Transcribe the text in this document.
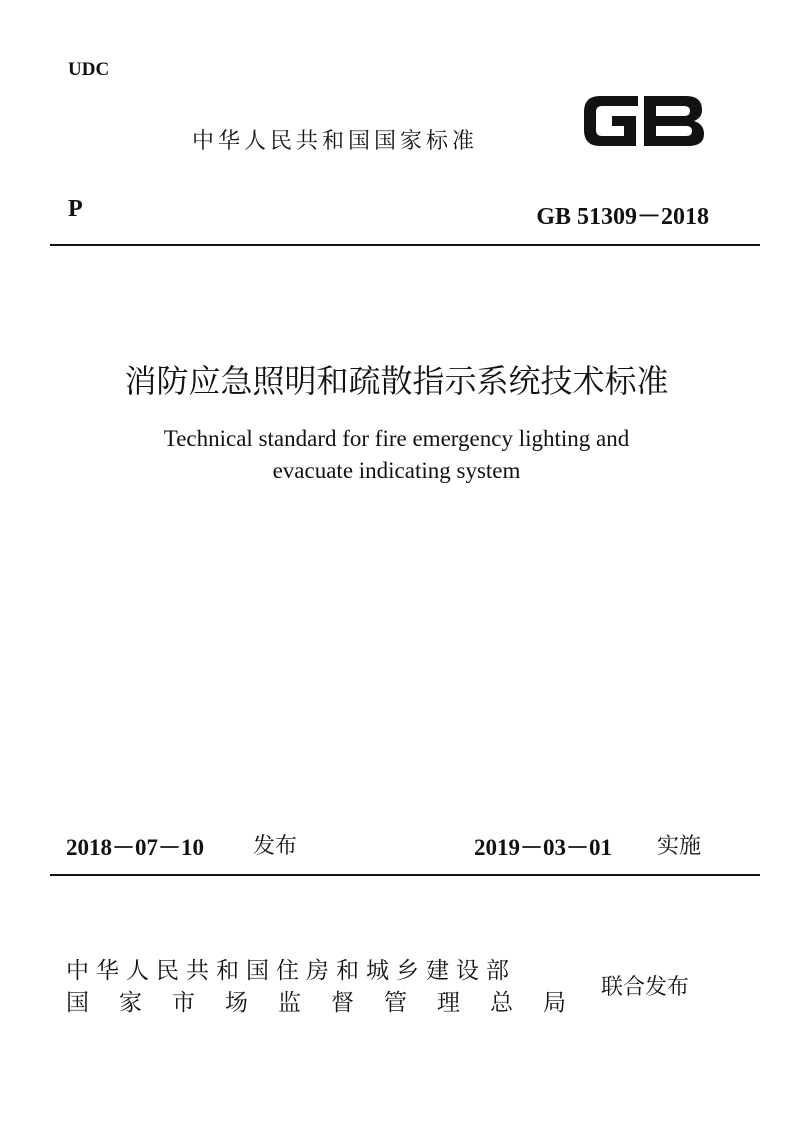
UDC
中华人民共和国国家标准
P	GB 51309－2018
消防应急照明和疏散指示系统技术标准
Technical standard for fire emergency lighting and
evacuate indicating system
2018－07－10 发布	2019－03－01 实施
中华人民共和国住房和城乡建设部
国 家 市 场 监 督 管 理 总 局
联合发布
